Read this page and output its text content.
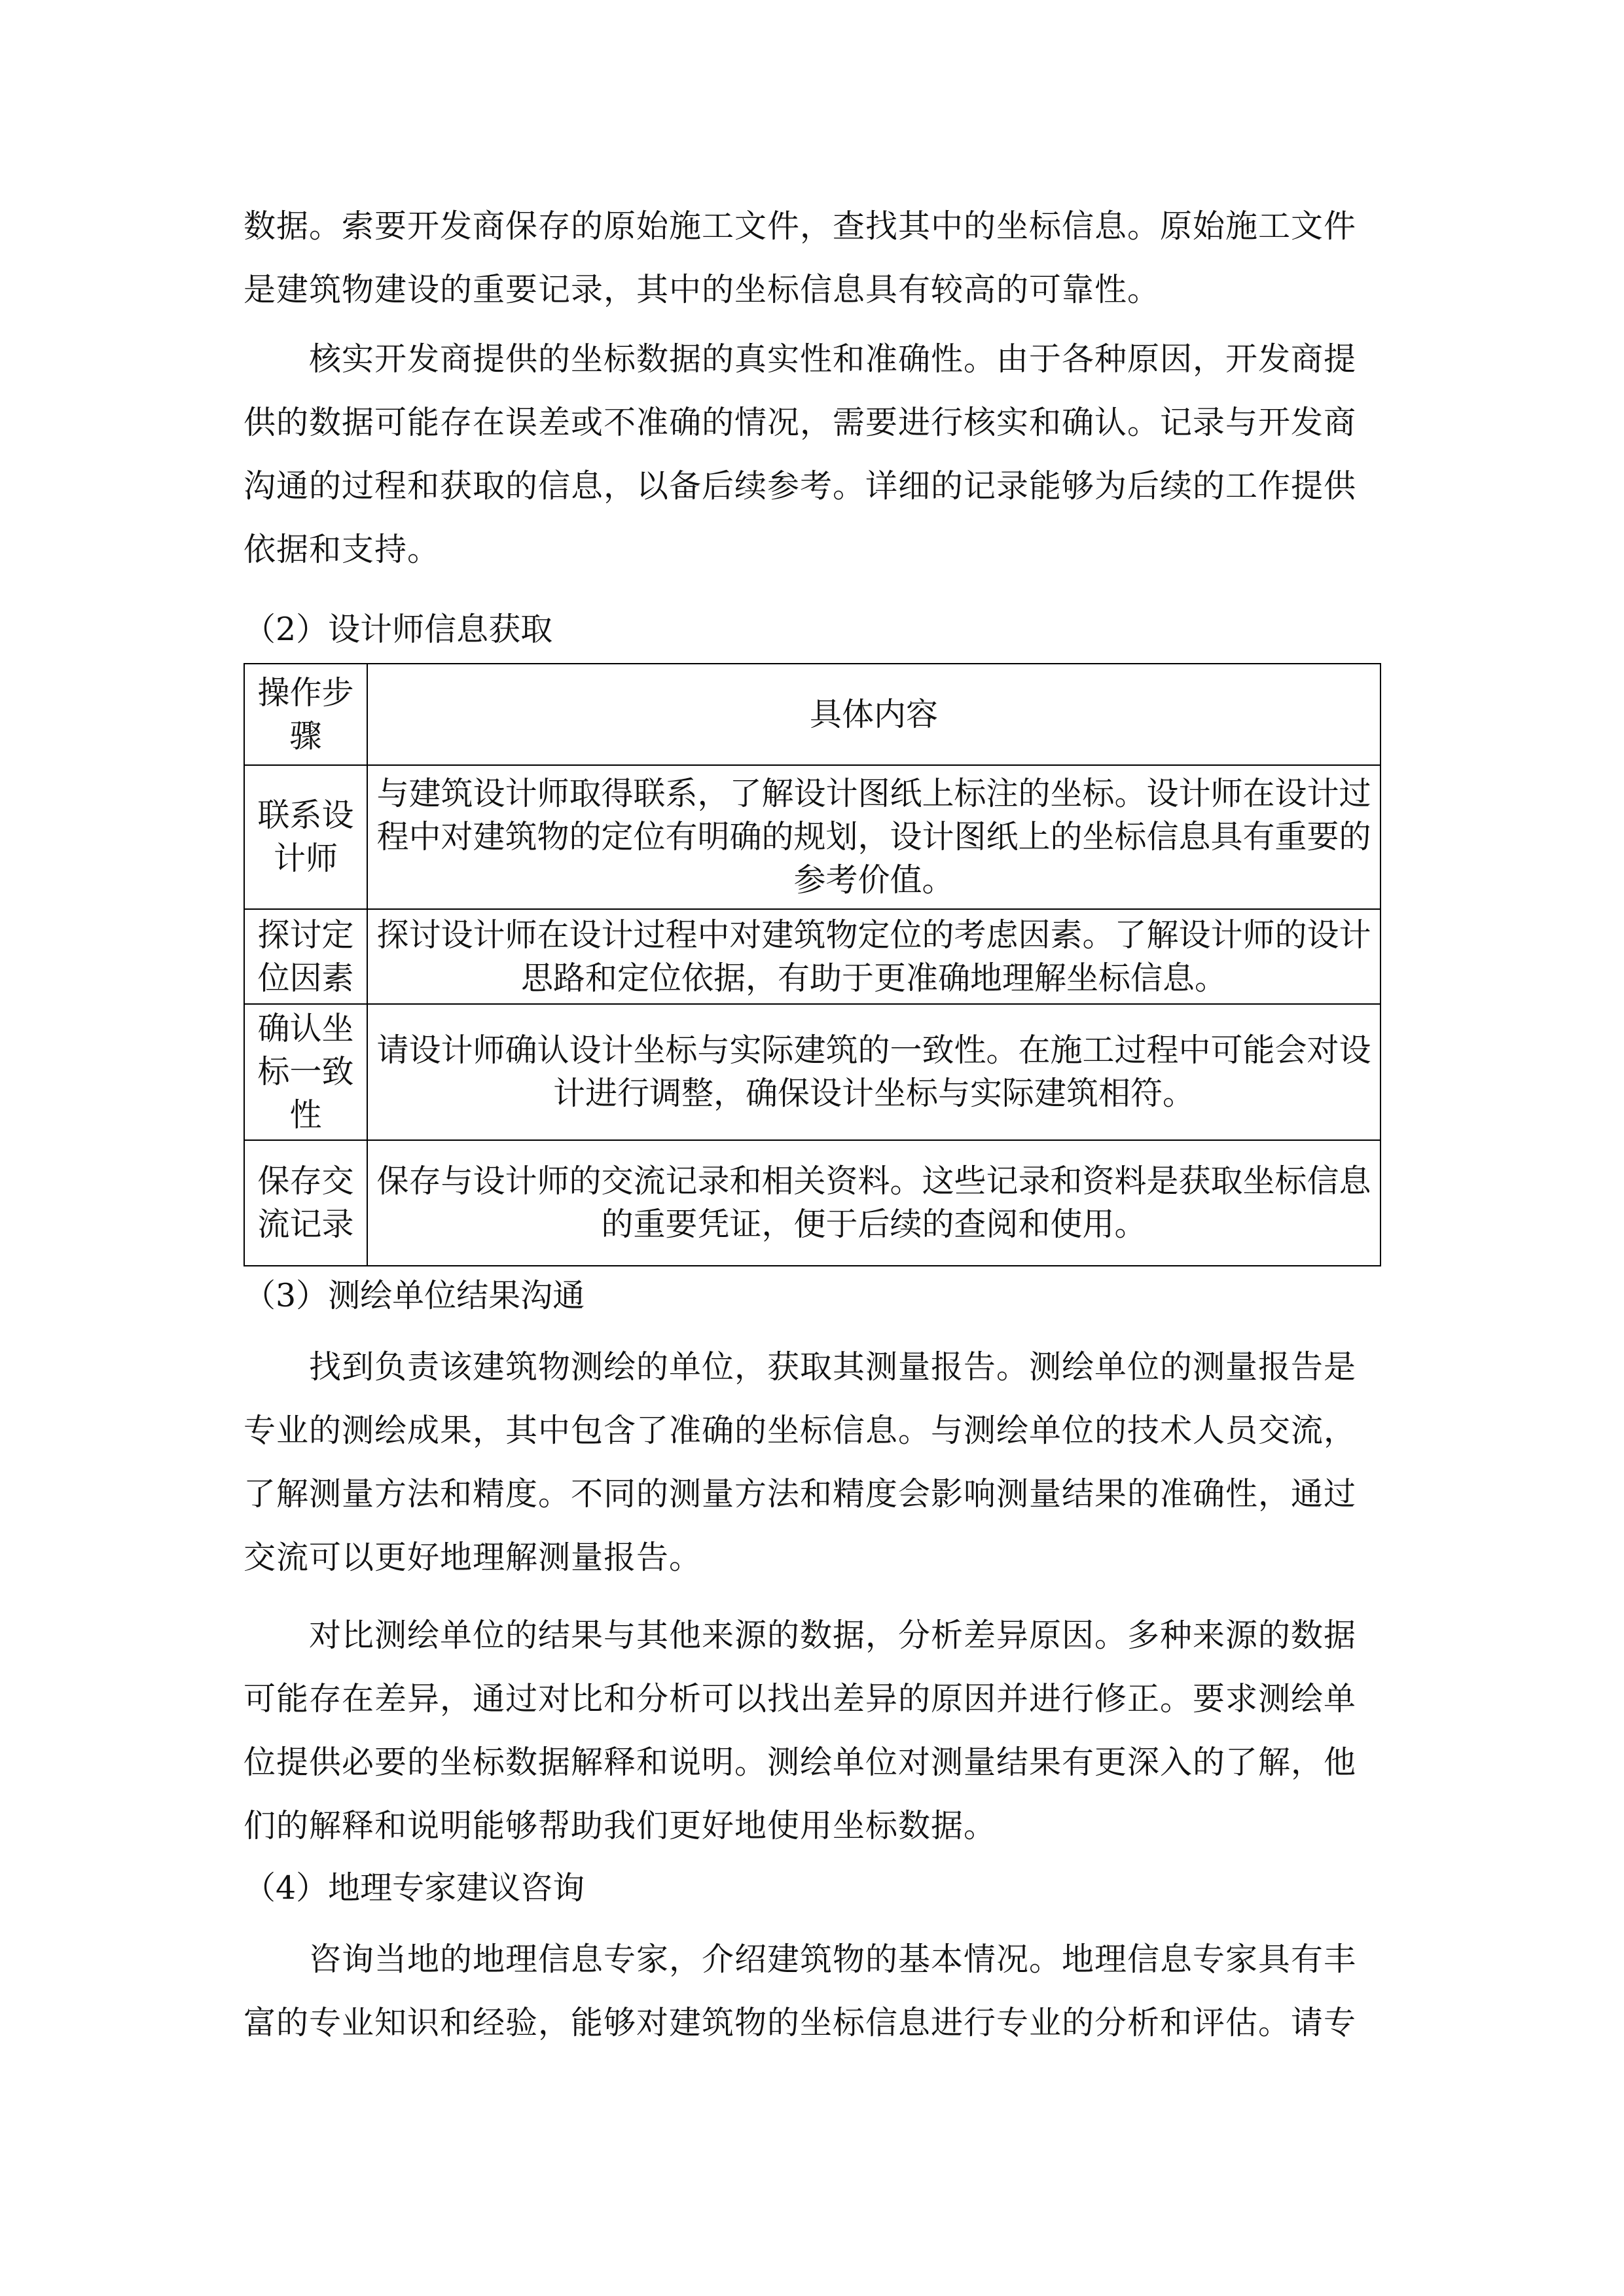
数据。索要开发商保存的原始施工文件，查找其中的坐标信息。原始施工文件是建筑物建设的重要记录，其中的坐标信息具有较高的可靠性。

核实开发商提供的坐标数据的真实性和准确性。由于各种原因，开发商提供的数据可能存在误差或不准确的情况，需要进行核实和确认。记录与开发商沟通的过程和获取的信息，以备后续参考。详细的记录能够为后续的工作提供依据和支持。

（2）设计师信息获取

操作步骤	具体内容
联系设计师	与建筑设计师取得联系，了解设计图纸上标注的坐标。设计师在设计过程中对建筑物的定位有明确的规划，设计图纸上的坐标信息具有重要的参考价值。
探讨定位因素	探讨设计师在设计过程中对建筑物定位的考虑因素。了解设计师的设计思路和定位依据，有助于更准确地理解坐标信息。
确认坐标一致性	请设计师确认设计坐标与实际建筑的一致性。在施工过程中可能会对设计进行调整，确保设计坐标与实际建筑相符。
保存交流记录	保存与设计师的交流记录和相关资料。这些记录和资料是获取坐标信息的重要凭证，便于后续的查阅和使用。

（3）测绘单位结果沟通

找到负责该建筑物测绘的单位，获取其测量报告。测绘单位的测量报告是专业的测绘成果，其中包含了准确的坐标信息。与测绘单位的技术人员交流，了解测量方法和精度。不同的测量方法和精度会影响测量结果的准确性，通过交流可以更好地理解测量报告。

对比测绘单位的结果与其他来源的数据，分析差异原因。多种来源的数据可能存在差异，通过对比和分析可以找出差异的原因并进行修正。要求测绘单位提供必要的坐标数据解释和说明。测绘单位对测量结果有更深入的了解，他们的解释和说明能够帮助我们更好地使用坐标数据。

（4）地理专家建议咨询

咨询当地的地理信息专家，介绍建筑物的基本情况。地理信息专家具有丰富的专业知识和经验，能够对建筑物的坐标信息进行专业的分析和评估。请专
